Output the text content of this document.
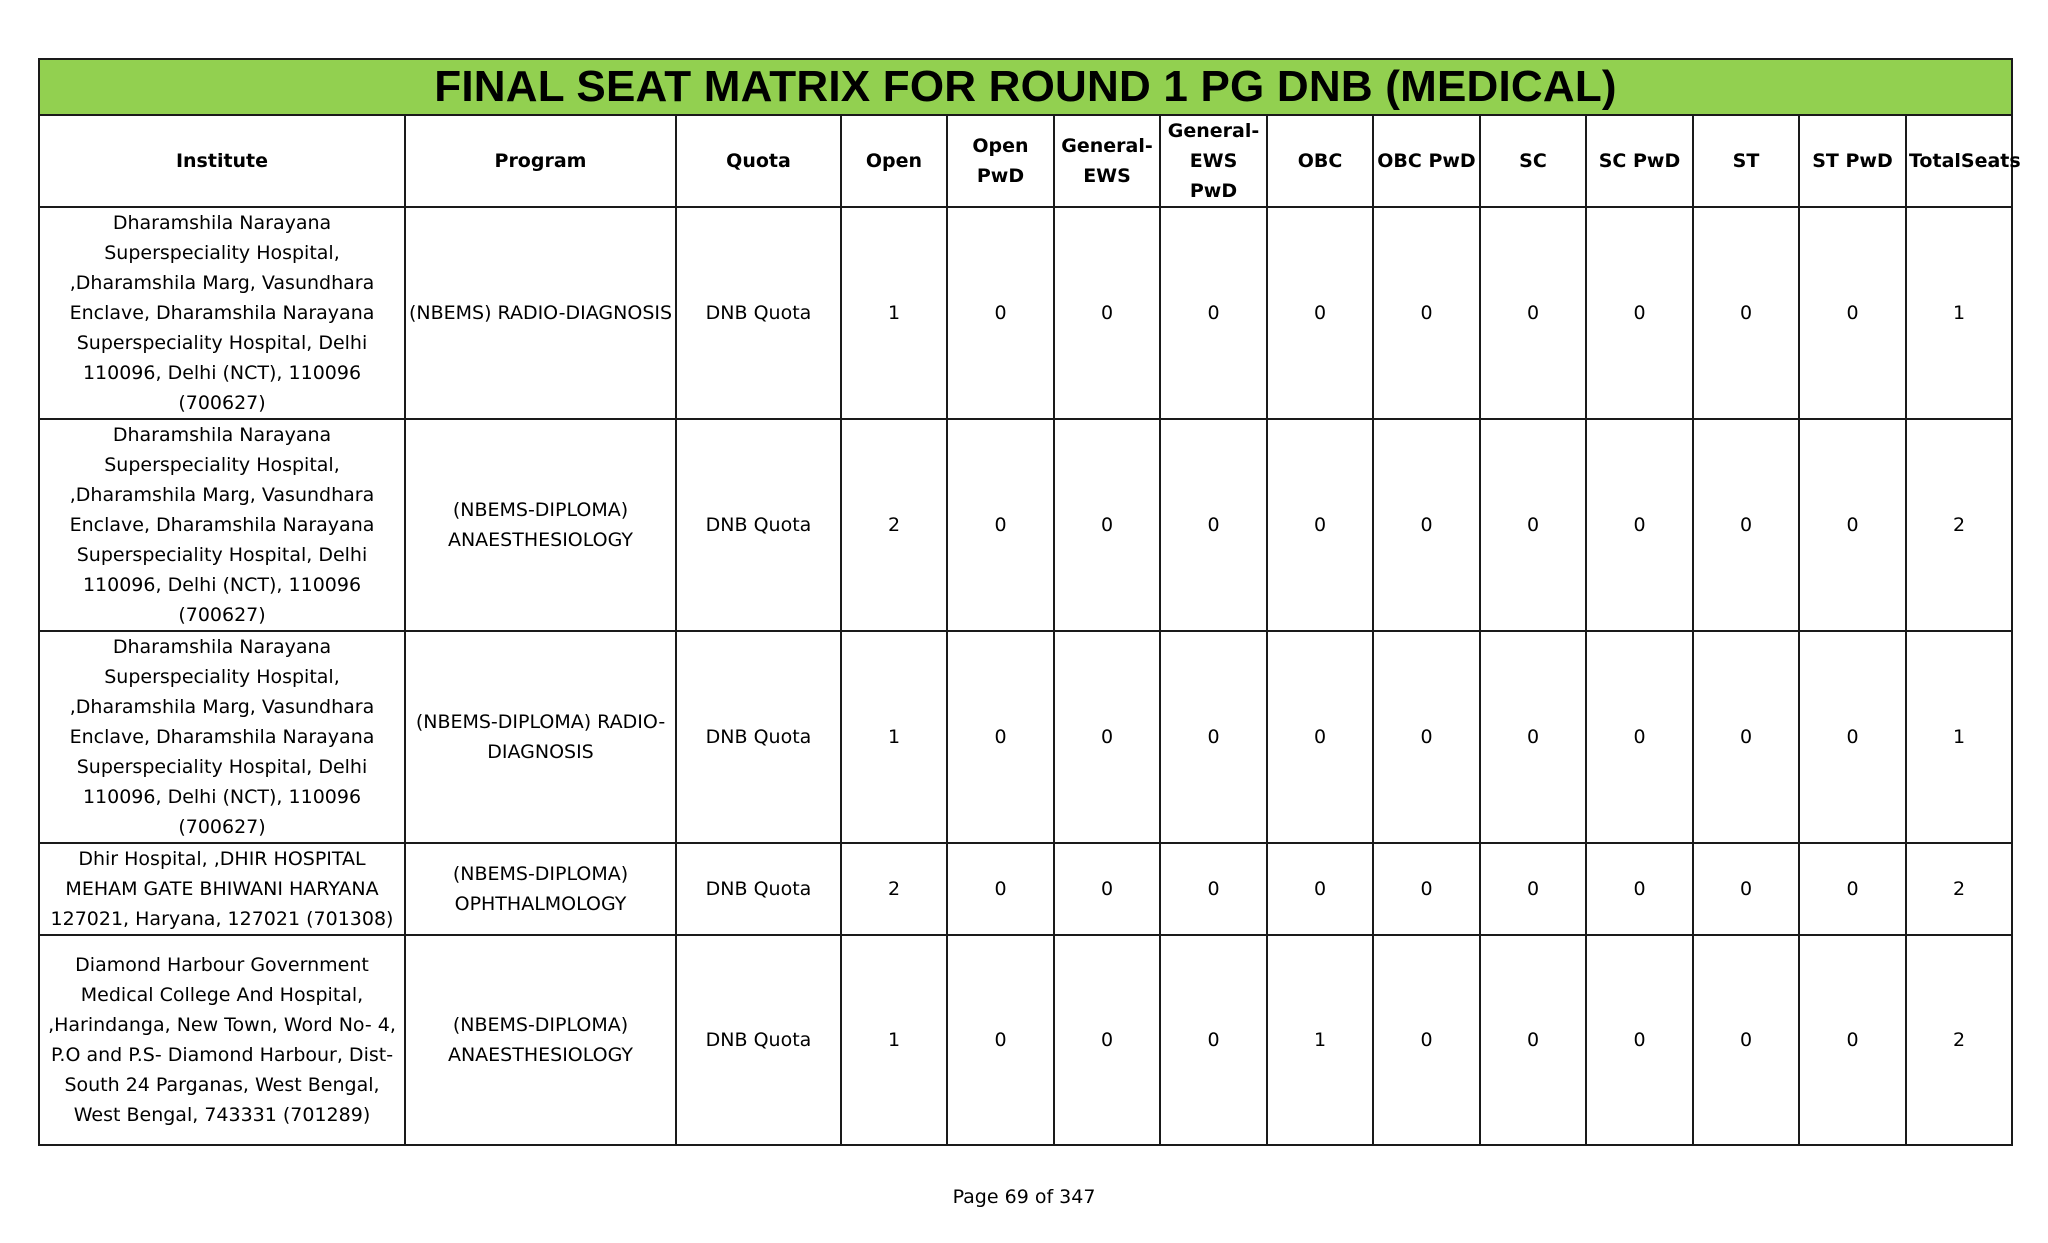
FINAL SEAT MATRIX FOR ROUND 1 PG DNB (MEDICAL)													
Institute	Program	Quota	Open	Open PwD	General-EWS	General-EWS PwD	OBC	OBC PwD	SC	SC PwD	ST	ST PwD	TotalSeats
Dharamshila Narayana Superspeciality Hospital, ,Dharamshila Marg, Vasundhara Enclave, Dharamshila Narayana Superspeciality Hospital, Delhi 110096, Delhi (NCT), 110096 (700627)	(NBEMS) RADIO-DIAGNOSIS	DNB Quota	1	0	0	0	0	0	0	0	0	0	1
Dharamshila Narayana Superspeciality Hospital, ,Dharamshila Marg, Vasundhara Enclave, Dharamshila Narayana Superspeciality Hospital, Delhi 110096, Delhi (NCT), 110096 (700627)	(NBEMS-DIPLOMA) ANAESTHESIOLOGY	DNB Quota	2	0	0	0	0	0	0	0	0	0	2
Dharamshila Narayana Superspeciality Hospital, ,Dharamshila Marg, Vasundhara Enclave, Dharamshila Narayana Superspeciality Hospital, Delhi 110096, Delhi (NCT), 110096 (700627)	(NBEMS-DIPLOMA) RADIO-DIAGNOSIS	DNB Quota	1	0	0	0	0	0	0	0	0	0	1
Dhir Hospital, ,DHIR HOSPITAL MEHAM GATE BHIWANI HARYANA 127021, Haryana, 127021 (701308)	(NBEMS-DIPLOMA) OPHTHALMOLOGY	DNB Quota	2	0	0	0	0	0	0	0	0	0	2
Diamond Harbour Government Medical College And Hospital, ,Harindanga, New Town, Word No- 4, P.O and P.S- Diamond Harbour, Dist- South 24 Parganas, West Bengal, West Bengal, 743331 (701289)	(NBEMS-DIPLOMA) ANAESTHESIOLOGY	DNB Quota	1	0	0	0	1	0	0	0	0	0	2
Page 69 of 347
